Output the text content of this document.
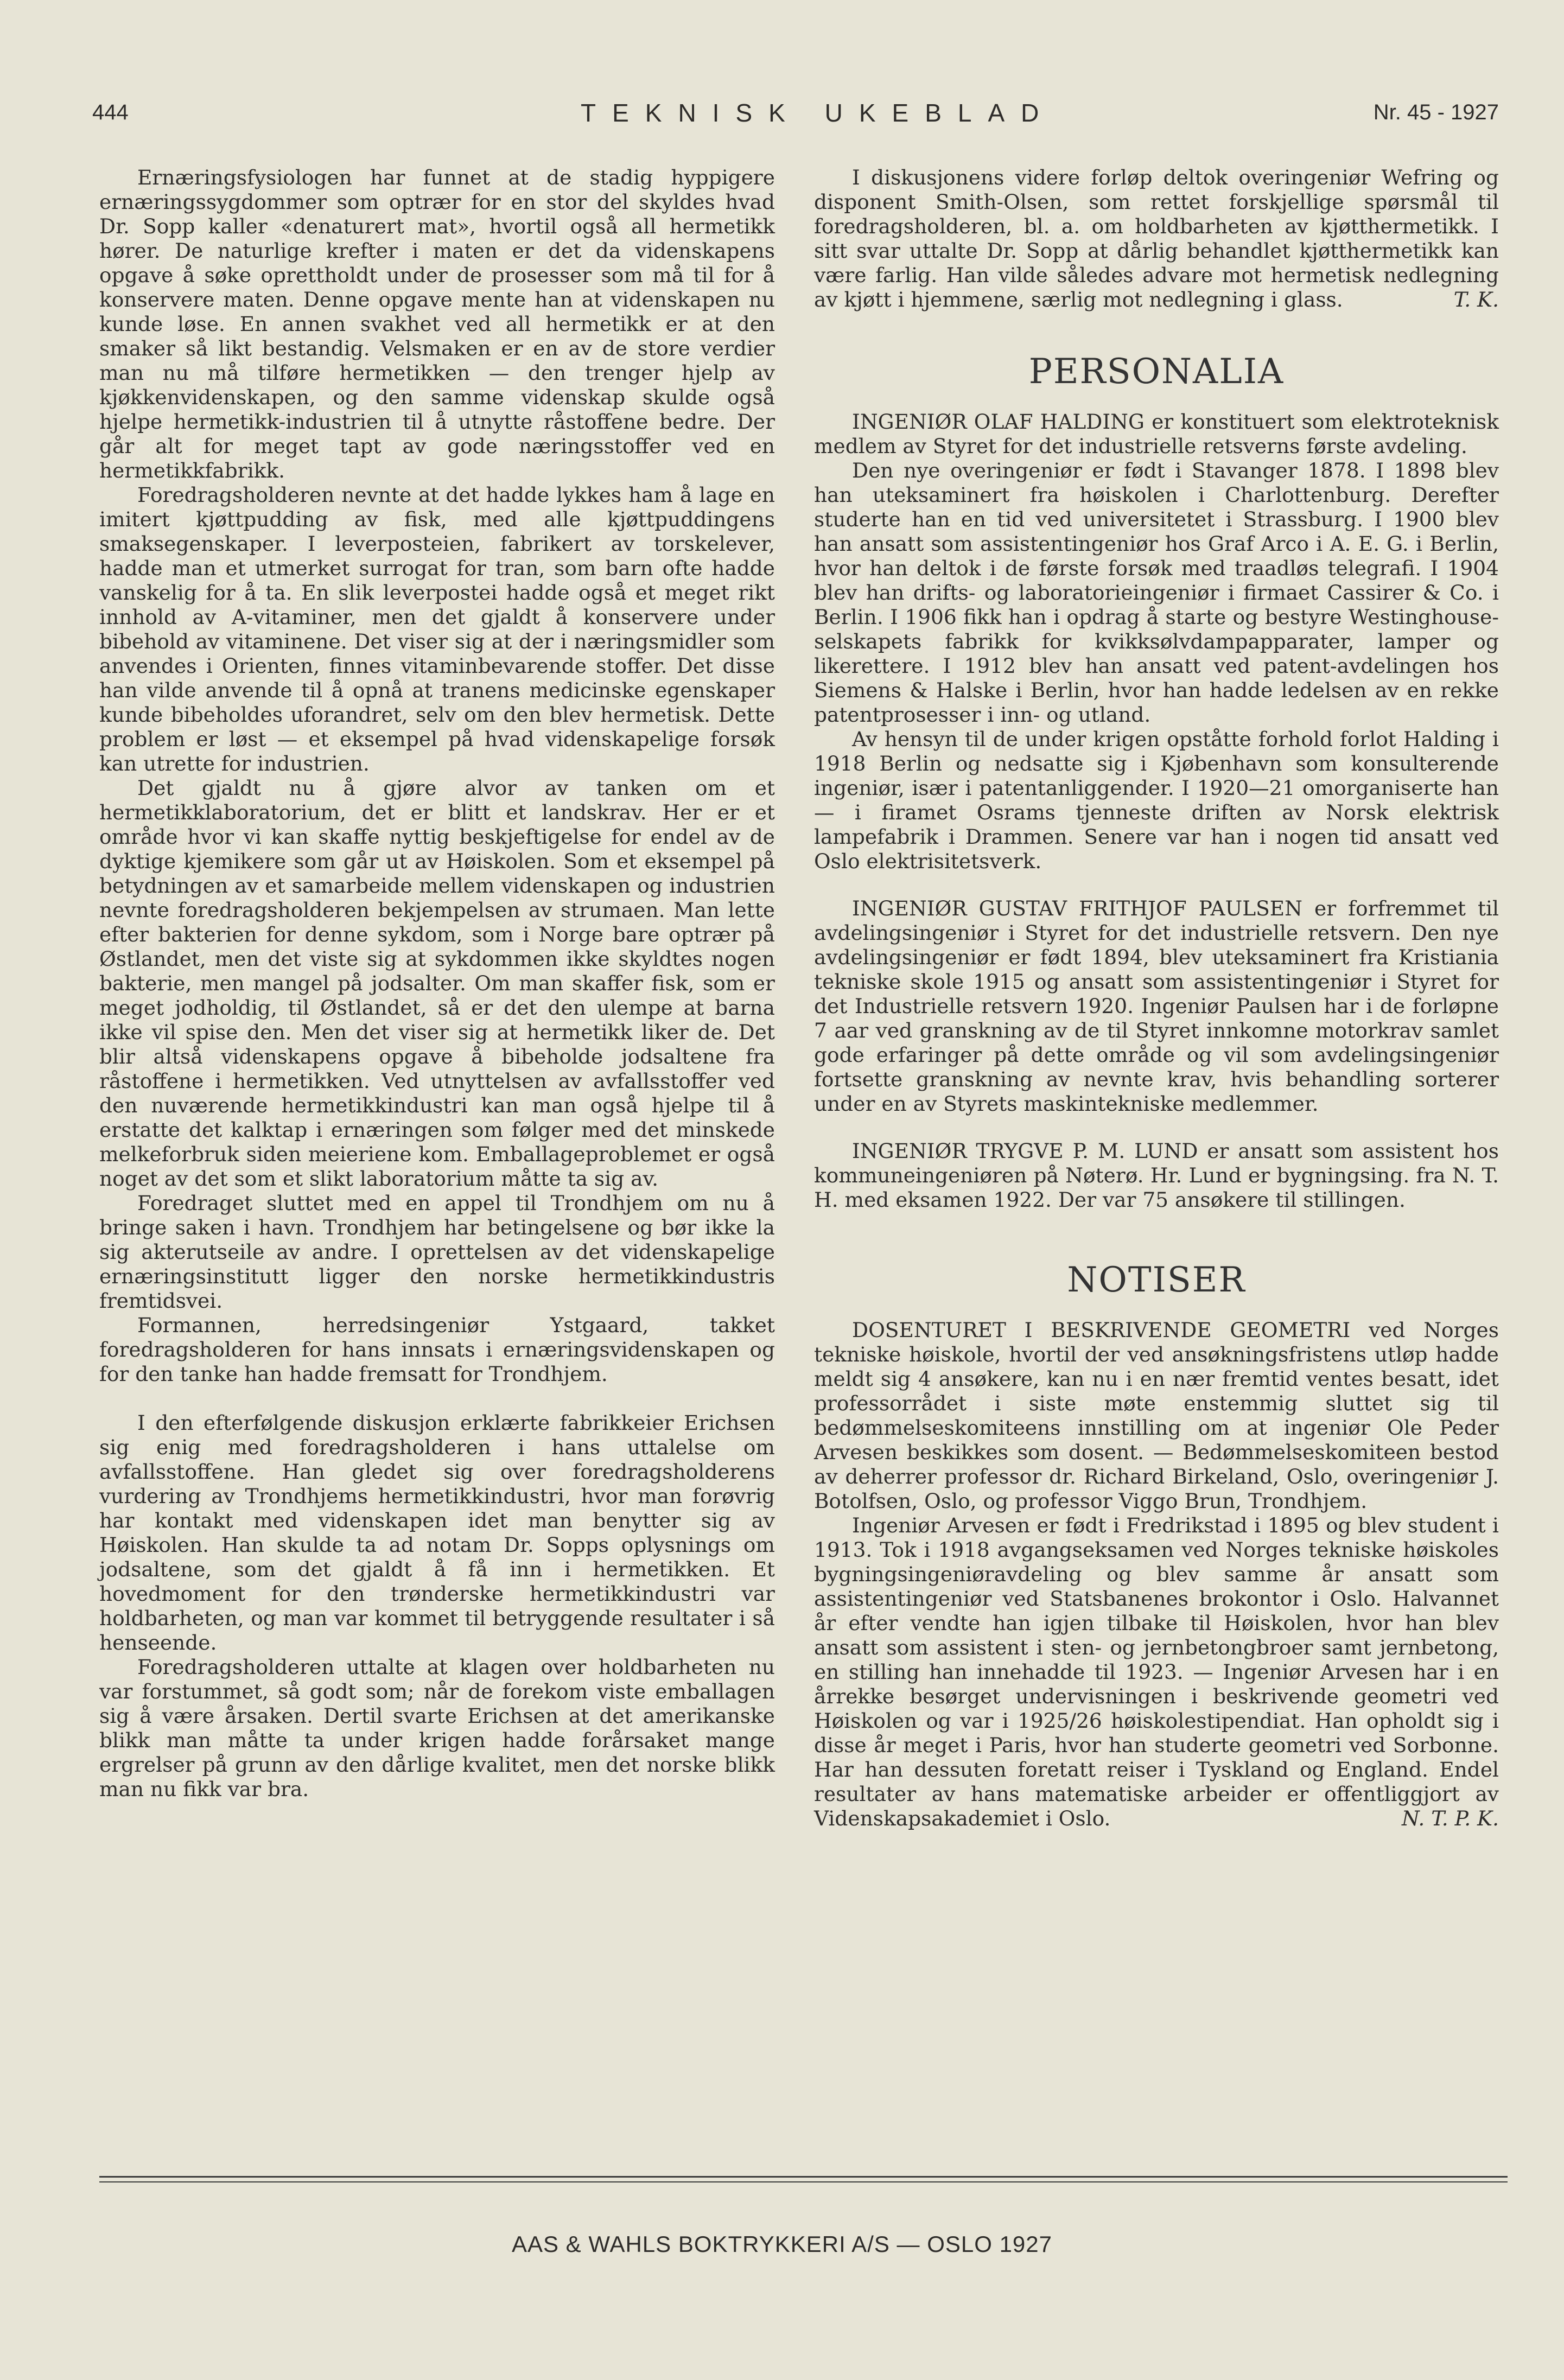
444	TEKNISK UKEBLAD	Nr. 45 - 1927

Ernæringsfysiologen har funnet at de stadig hyppigere ernæringssygdommer som optrær for en stor del skyldes hvad Dr. Sopp kaller «denaturert mat», hvortil også all hermetikk hører. De naturlige krefter i maten er det da videnskapens opgave å søke oprettholdt under de prosesser som må til for å konservere maten. Denne opgave mente han at videnskapen nu kunde løse. En annen svakhet ved all hermetikk er at den smaker så likt bestandig. Velsmaken er en av de store verdier man nu må tilføre hermetikken — den trenger hjelp av kjøkkenvidenskapen, og den samme videnskap skulde også hjelpe hermetikk-industrien til å utnytte råstoffene bedre. Der går alt for meget tapt av gode næringsstoffer ved en hermetikkfabrikk.

Foredragsholderen nevnte at det hadde lykkes ham å lage en imitert kjøttpudding av fisk, med alle kjøttpuddingens smaksegenskaper. I leverposteien, fabrikert av torskelever, hadde man et utmerket surrogat for tran, som barn ofte hadde vanskelig for å ta. En slik leverpostei hadde også et meget rikt innhold av A-vitaminer, men det gjaldt å konservere under bibehold av vitaminene. Det viser sig at der i næringsmidler som anvendes i Orienten, finnes vitaminbevarende stoffer. Det disse han vilde anvende til å opnå at tranens medicinske egenskaper kunde bibeholdes uforandret, selv om den blev hermetisk. Dette problem er løst — et eksempel på hvad videnskapelige forsøk kan utrette for industrien.

Det gjaldt nu å gjøre alvor av tanken om et hermetikklaboratorium, det er blitt et landskrav. Her er et område hvor vi kan skaffe nyttig beskjeftigelse for endel av de dyktige kjemikere som går ut av Høiskolen. Som et eksempel på betydningen av et samarbeide mellem videnskapen og industrien nevnte foredragsholderen bekjempelsen av strumaen. Man lette efter bakterien for denne sykdom, som i Norge bare optrær på Østlandet, men det viste sig at sykdommen ikke skyldtes nogen bakterie, men mangel på jodsalter. Om man skaffer fisk, som er meget jodholdig, til Østlandet, så er det den ulempe at barna ikke vil spise den. Men det viser sig at hermetikk liker de. Det blir altså videnskapens opgave å bibeholde jodsaltene fra råstoffene i hermetikken. Ved utnyttelsen av avfallsstoffer ved den nuværende hermetikkindustri kan man også hjelpe til å erstatte det kalktap i ernæringen som følger med det minskede melkeforbruk siden meieriene kom. Emballageproblemet er også noget av det som et slikt laboratorium måtte ta sig av.

Foredraget sluttet med en appel til Trondhjem om nu å bringe saken i havn. Trondhjem har betingelsene og bør ikke la sig akterutseile av andre. I oprettelsen av det videnskapelige ernæringsinstitutt ligger den norske hermetikkindustris fremtidsvei.

Formannen, herredsingeniør Ystgaard, takket foredragsholderen for hans innsats i ernæringsvidenskapen og for den tanke han hadde fremsatt for Trondhjem.

I den efterfølgende diskusjon erklærte fabrikkeier Erichsen sig enig med foredragsholderen i hans uttalelse om avfallsstoffene. Han gledet sig over foredragsholderens vurdering av Trondhjems hermetikkindustri, hvor man forøvrig har kontakt med videnskapen idet man benytter sig av Høiskolen. Han skulde ta ad notam Dr. Sopps oplysnings om jodsaltene, som det gjaldt å få inn i hermetikken. Et hovedmoment for den trønderske hermetikkindustri var holdbarheten, og man var kommet til betryggende resultater i så henseende.

Foredragsholderen uttalte at klagen over holdbarheten nu var forstummet, så godt som; når de forekom viste emballagen sig å være årsaken. Dertil svarte Erichsen at det amerikanske blikk man måtte ta under krigen hadde forårsaket mange ergrelser på grunn av den dårlige kvalitet, men det norske blikk man nu fikk var bra.

I diskusjonens videre forløp deltok overingeniør Wefring og disponent Smith-Olsen, som rettet forskjellige spørsmål til foredragsholderen, bl. a. om holdbarheten av kjøtthermetikk. I sitt svar uttalte Dr. Sopp at dårlig behandlet kjøtthermetikk kan være farlig. Han vilde således advare mot hermetisk nedlegning av kjøtt i hjemmene, særlig mot nedlegning i glass.	T. K.

PERSONALIA

INGENIØR OLAF HALDING er konstituert som elektroteknisk medlem av Styret for det industrielle retsverns første avdeling.

Den nye overingeniør er født i Stavanger 1878. I 1898 blev han uteksaminert fra høiskolen i Charlottenburg. Derefter studerte han en tid ved universitetet i Strassburg. I 1900 blev han ansatt som assistentingeniør hos Graf Arco i A. E. G. i Berlin, hvor han deltok i de første forsøk med traadløs telegrafi. I 1904 blev han drifts- og laboratorieingeniør i firmaet Cassirer & Co. i Berlin. I 1906 fikk han i opdrag å starte og bestyre Westinghouse-selskapets fabrikk for kvikksølvdampapparater, lamper og likerettere. I 1912 blev han ansatt ved patent-avdelingen hos Siemens & Halske i Berlin, hvor han hadde ledelsen av en rekke patentprosesser i inn- og utland.

Av hensyn til de under krigen opståtte forhold forlot Halding i 1918 Berlin og nedsatte sig i Kjøbenhavn som konsulterende ingeniør, især i patentanliggender. I 1920—21 omorganiserte han — i firamet Osrams tjenneste driften av Norsk elektrisk lampefabrik i Drammen. Senere var han i nogen tid ansatt ved Oslo elektrisitetsverk.

INGENIØR GUSTAV FRITHJOF PAULSEN er forfremmet til avdelingsingeniør i Styret for det industrielle retsvern. Den nye avdelingsingeniør er født 1894, blev uteksaminert fra Kristiania tekniske skole 1915 og ansatt som assistentingeniør i Styret for det Industrielle retsvern 1920. Ingeniør Paulsen har i de forløpne 7 aar ved granskning av de til Styret innkomne motorkrav samlet gode erfaringer på dette område og vil som avdelingsingeniør fortsette granskning av nevnte krav, hvis behandling sorterer under en av Styrets maskintekniske medlemmer.

INGENIØR TRYGVE P. M. LUND er ansatt som assistent hos kommuneingeniøren på Nøterø. Hr. Lund er bygningsing. fra N. T. H. med eksamen 1922. Der var 75 ansøkere til stillingen.

NOTISER

DOSENTURET I BESKRIVENDE GEOMETRI ved Norges tekniske høiskole, hvortil der ved ansøkningsfristens utløp hadde meldt sig 4 ansøkere, kan nu i en nær fremtid ventes besatt, idet professorrådet i siste møte enstemmig sluttet sig til bedømmelseskomiteens innstilling om at ingeniør Ole Peder Arvesen beskikkes som dosent. — Bedømmelseskomiteen bestod av deherrer professor dr. Richard Birkeland, Oslo, overingeniør J. Botolfsen, Oslo, og professor Viggo Brun, Trondhjem.

Ingeniør Arvesen er født i Fredrikstad i 1895 og blev student i 1913. Tok i 1918 avgangseksamen ved Norges tekniske høiskoles bygningsingeniøravdeling og blev samme år ansatt som assistentingeniør ved Statsbanenes brokontor i Oslo. Halvannet år efter vendte han igjen tilbake til Høiskolen, hvor han blev ansatt som assistent i sten- og jernbetongbroer samt jernbetong, en stilling han innehadde til 1923. — Ingeniør Arvesen har i en årrekke besørget undervisningen i beskrivende geometri ved Høiskolen og var i 1925/26 høiskolestipendiat. Han opholdt sig i disse år meget i Paris, hvor han studerte geometri ved Sorbonne. Har han dessuten foretatt reiser i Tyskland og England. Endel resultater av hans matematiske arbeider er offentliggjort av Videnskapsakademiet i Oslo.	N. T. P. K.

AAS & WAHLS BOKTRYKKERI A/S — OSLO 1927
